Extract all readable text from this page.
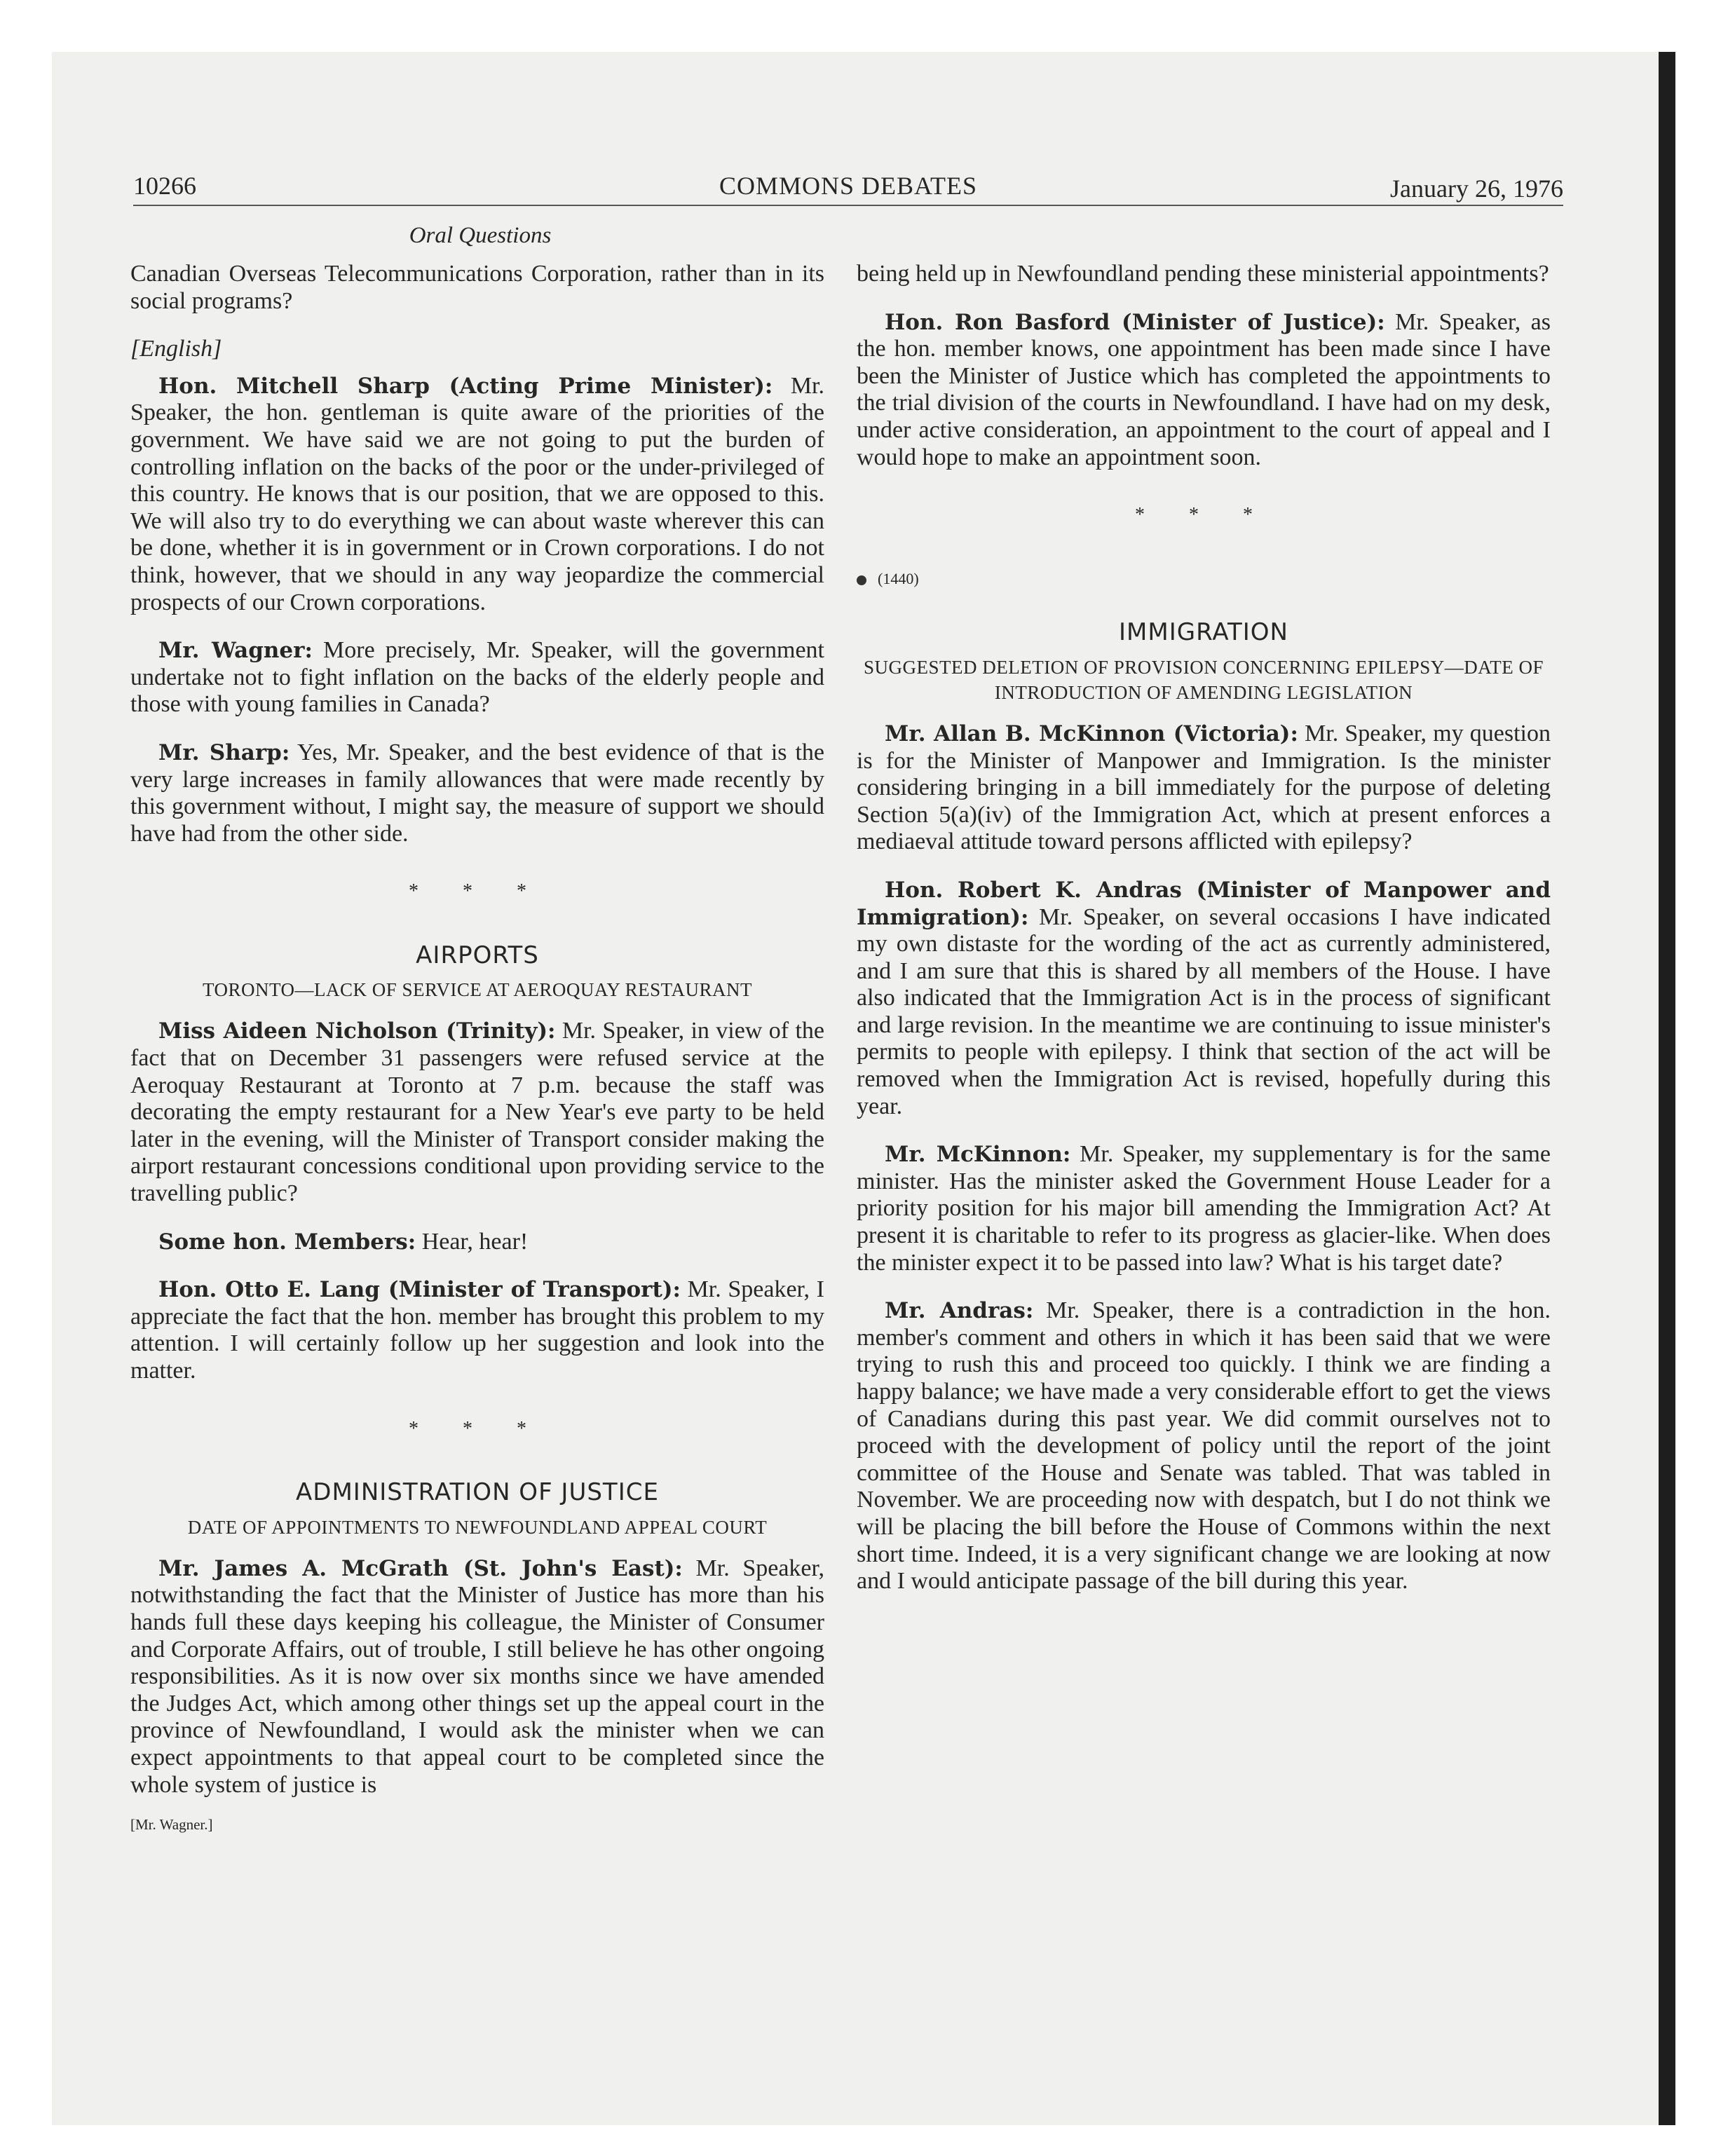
10266	COMMONS DEBATES	January 26, 1976
Oral Questions

Canadian Overseas Telecommunications Corporation, rather than in its social programs?

[English]

Hon. Mitchell Sharp (Acting Prime Minister): Mr. Speaker, the hon. gentleman is quite aware of the priorities of the government. We have said we are not going to put the burden of controlling inflation on the backs of the poor or the under-privileged of this country. He knows that is our position, that we are opposed to this. We will also try to do everything we can about waste wherever this can be done, whether it is in government or in Crown corporations. I do not think, however, that we should in any way jeopardize the commercial prospects of our Crown corporations.

Mr. Wagner: More precisely, Mr. Speaker, will the government undertake not to fight inflation on the backs of the elderly people and those with young families in Canada?

Mr. Sharp: Yes, Mr. Speaker, and the best evidence of that is the very large increases in family allowances that were made recently by this government without, I might say, the measure of support we should have had from the other side.

* * *

AIRPORTS
TORONTO—LACK OF SERVICE AT AEROQUAY RESTAURANT

Miss Aideen Nicholson (Trinity): Mr. Speaker, in view of the fact that on December 31 passengers were refused service at the Aeroquay Restaurant at Toronto at 7 p.m. because the staff was decorating the empty restaurant for a New Year's eve party to be held later in the evening, will the Minister of Transport consider making the airport restaurant concessions conditional upon providing service to the travelling public?

Some hon. Members: Hear, hear!

Hon. Otto E. Lang (Minister of Transport): Mr. Speaker, I appreciate the fact that the hon. member has brought this problem to my attention. I will certainly follow up her suggestion and look into the matter.

* * *

ADMINISTRATION OF JUSTICE
DATE OF APPOINTMENTS TO NEWFOUNDLAND APPEAL COURT

Mr. James A. McGrath (St. John's East): Mr. Speaker, notwithstanding the fact that the Minister of Justice has more than his hands full these days keeping his colleague, the Minister of Consumer and Corporate Affairs, out of trouble, I still believe he has other ongoing responsibilities. As it is now over six months since we have amended the Judges Act, which among other things set up the appeal court in the province of Newfoundland, I would ask the minister when we can expect appointments to that appeal court to be completed since the whole system of justice is

[Mr. Wagner.]

being held up in Newfoundland pending these ministerial appointments?

Hon. Ron Basford (Minister of Justice): Mr. Speaker, as the hon. member knows, one appointment has been made since I have been the Minister of Justice which has completed the appointments to the trial division of the courts in Newfoundland. I have had on my desk, under active consideration, an appointment to the court of appeal and I would hope to make an appointment soon.

* * *

(1440)

IMMIGRATION
SUGGESTED DELETION OF PROVISION CONCERNING EPILEPSY—DATE OF INTRODUCTION OF AMENDING LEGISLATION

Mr. Allan B. McKinnon (Victoria): Mr. Speaker, my question is for the Minister of Manpower and Immigration. Is the minister considering bringing in a bill immediately for the purpose of deleting Section 5(a)(iv) of the Immigration Act, which at present enforces a mediaeval attitude toward persons afflicted with epilepsy?

Hon. Robert K. Andras (Minister of Manpower and Immigration): Mr. Speaker, on several occasions I have indicated my own distaste for the wording of the act as currently administered, and I am sure that this is shared by all members of the House. I have also indicated that the Immigration Act is in the process of significant and large revision. In the meantime we are continuing to issue minister's permits to people with epilepsy. I think that section of the act will be removed when the Immigration Act is revised, hopefully during this year.

Mr. McKinnon: Mr. Speaker, my supplementary is for the same minister. Has the minister asked the Government House Leader for a priority position for his major bill amending the Immigration Act? At present it is charitable to refer to its progress as glacier-like. When does the minister expect it to be passed into law? What is his target date?

Mr. Andras: Mr. Speaker, there is a contradiction in the hon. member's comment and others in which it has been said that we were trying to rush this and proceed too quickly. I think we are finding a happy balance; we have made a very considerable effort to get the views of Canadians during this past year. We did commit ourselves not to proceed with the development of policy until the report of the joint committee of the House and Senate was tabled. That was tabled in November. We are proceeding now with despatch, but I do not think we will be placing the bill before the House of Commons within the next short time. Indeed, it is a very significant change we are looking at now and I would anticipate passage of the bill during this year.
